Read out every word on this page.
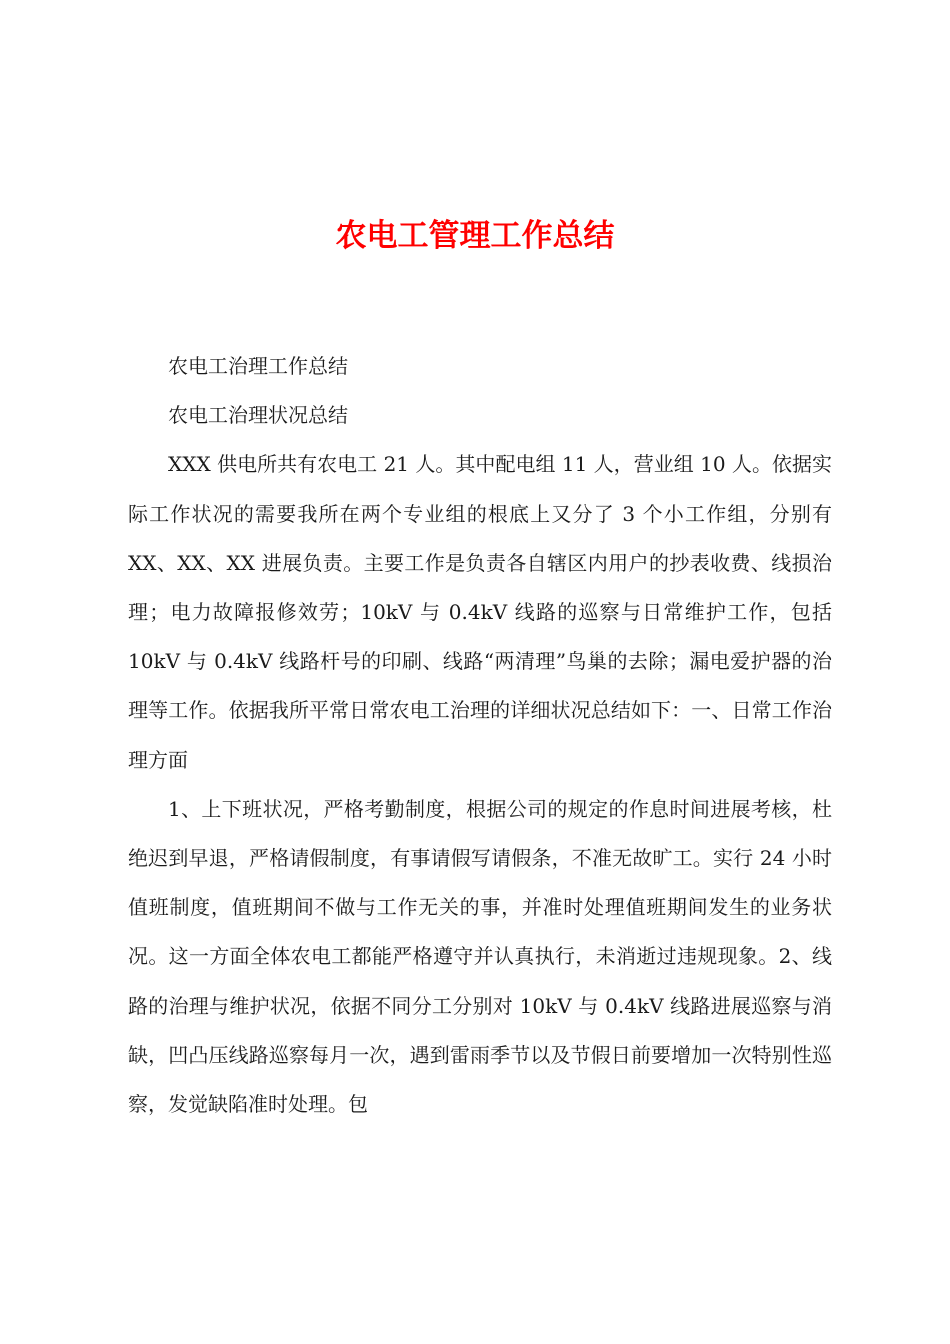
农电工管理工作总结

农电工治理工作总结

农电工治理状况总结

XXX 供电所共有农电工 21 人。其中配电组 11 人，营业组 10 人。依据实际工作状况的需要我所在两个专业组的根底上又分了 3 个小工作组，分别有 XX、XX、XX 进展负责。主要工作是负责各自辖区内用户的抄表收费、线损治理；电力故障报修效劳；10kV 与 0.4kV 线路的巡察与日常维护工作，包括 10kV 与 0.4kV 线路杆号的印刷、线路“两清理”鸟巢的去除；漏电爱护器的治理等工作。依据我所平常日常农电工治理的详细状况总结如下：一、日常工作治理方面

1、上下班状况，严格考勤制度，根据公司的规定的作息时间进展考核，杜绝迟到早退，严格请假制度，有事请假写请假条，不准无故旷工。实行 24 小时值班制度，值班期间不做与工作无关的事，并准时处理值班期间发生的业务状况。这一方面全体农电工都能严格遵守并认真执行，未消逝过违规现象。2、线路的治理与维护状况，依据不同分工分别对 10kV 与 0.4kV 线路进展巡察与消缺，凹凸压线路巡察每月一次，遇到雷雨季节以及节假日前要增加一次特别性巡察，发觉缺陷准时处理。包
